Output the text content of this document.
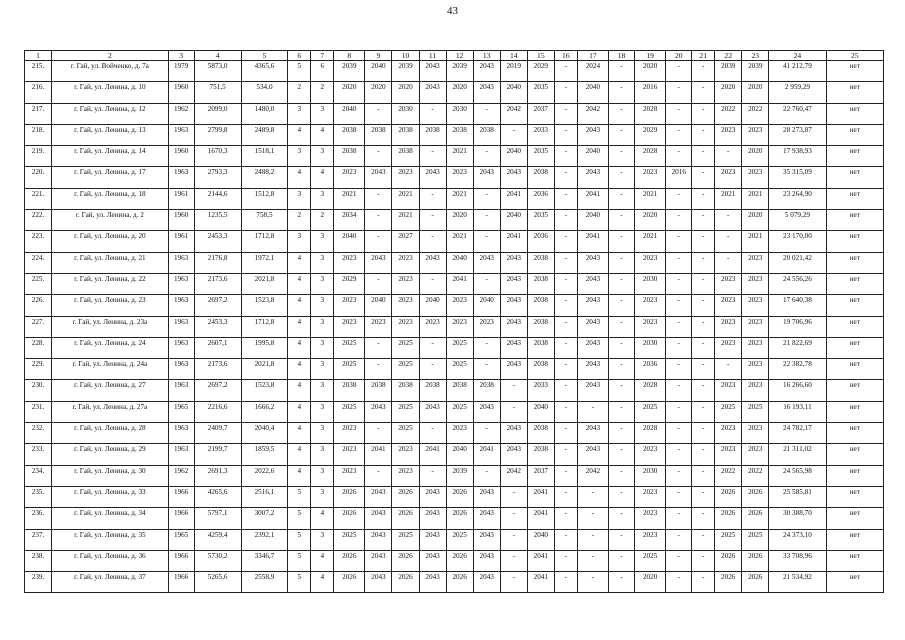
43
1	2	3	4	5	6	7	8	9	10	11	12	13	14	15	16	17	18	19	20	21	22	23	24	25
215.	г. Гай, ул. Войченко, д. 7а	1979	5873,0	4365,6	5	6	2039	2040	2039	2043	2039	2043	2019	2029	-	2024	-	2020	-	-	2039	2039	41 212,79	нет
216.	г. Гай, ул. Ленина, д. 10	1960	751,5	534,0	2	2	2020	2020	2020	2043	2020	2043	2040	2035	-	2040	-	2016	-	-	2020	2020	2 959,29	нет
217.	г. Гай, ул. Ленина, д. 12	1962	2099,0	1480,0	3	3	2040	-	2030	-	2030	-	2042	2037	-	2042	-	2028	-	-	2022	2022	22 760,47	нет
218.	г. Гай, ул. Ленина, д. 13	1963	2799,8	2489,8	4	4	2038	2038	2038	2038	2038	2038	-	2033	-	2043	-	2029	-	-	2023	2023	28 273,87	нет
219.	г. Гай, ул. Ленина, д. 14	1960	1670,3	1518,1	3	3	2038	-	2038	-	2021	-	2040	2035	-	2040	-	2028	-	-	-	2020	17 938,93	нет
220.	г. Гай, ул. Ленина, д. 17	1963	2793,3	2488,2	4	4	2023	2043	2023	2043	2023	2043	2043	2038	-	2043	-	2023	2016	-	2023	2023	35 315,09	нет
221.	г. Гай, ул. Ленина, д. 18	1961	2144,6	1512,8	3	3	2021	-	2021	-	2021	-	2041	2036	-	2041	-	2021	-	-	2021	2021	23 264,90	нет
222.	г. Гай, ул. Ленина, д. 2	1960	1235,5	758,5	2	2	2034	-	2021	-	2020	-	2040	2035	-	2040	-	2020	-	-	-	2020	5 079,29	нет
223.	г. Гай, ул. Ленина, д. 20	1961	2453,3	1712,8	3	3	2040	-	2027	-	2021	-	2041	2036	-	2041	-	2021	-	-	-	2021	23 170,00	нет
224.	г. Гай, ул. Ленина, д. 21	1963	2176,8	1972,1	4	3	2023	2043	2023	2043	2040	2043	2043	2038	-	2043	-	2023	-	-	-	2023	20 021,42	нет
225.	г. Гай, ул. Ленина, д. 22	1963	2173,6	2021,8	4	3	2029	-	2023	-	2041	-	2043	2038	-	2043	-	2030	-	-	2023	2023	24 556,26	нет
226.	г. Гай, ул. Ленина, д. 23	1963	2697,2	1523,8	4	3	2023	2040	2023	2040	2023	2040	2043	2038	-	2043	-	2023	-	-	2023	2023	17 640,38	нет
227.	г. Гай, ул. Ленина, д. 23а	1963	2453,3	1712,8	4	3	2023	2023	2023	2023	2023	2023	2043	2038	-	2043	-	2023	-	-	2023	2023	19 706,96	нет
228.	г. Гай, ул. Ленина, д. 24	1963	2607,1	1995,8	4	3	2025	-	2025	-	2025	-	2043	2038	-	2043	-	2030	-	-	2023	2023	21 822,69	нет
229.	г. Гай, ул. Ленина, д. 24а	1963	2173,6	2021,8	4	3	2025	-	2025	-	2025	-	2043	2038	-	2043	-	2036	-	-	-	2023	22 382,78	нет
230.	г. Гай, ул. Ленина, д. 27	1963	2697,2	1523,8	4	3	2038	2038	2038	2038	2038	2038	-	2033	-	2043	-	2028	-	-	2023	2023	16 266,60	нет
231.	г. Гай, ул. Ленина, д. 27а	1965	2216,6	1666,2	4	3	2025	2043	2025	2043	2025	2043	-	2040	-	-	-	2025	-	-	2025	2025	16 193,11	нет
232.	г. Гай, ул. Ленина, д. 28	1963	2409,7	2040,4	4	3	2023	-	2025	-	2023	-	2043	2038	-	2043	-	2028	-	-	2023	2023	24 782,17	нет
233.	г. Гай, ул. Ленина, д. 29	1963	2199,7	1859,5	4	3	2023	2041	2023	2041	2040	2041	2043	2038	-	2043	-	2023	-	-	2023	2023	21 311,02	нет
234.	г. Гай, ул. Ленина, д. 30	1962	2691,3	2022,6	4	3	2023	-	2023	-	2039	-	2042	2037	-	2042	-	2030	-	-	2022	2022	24 565,98	нет
235.	г. Гай, ул. Ленина, д. 33	1966	4265,6	2516,1	5	3	2026	2043	2026	2043	2026	2043	-	2041	-	-	-	2023	-	-	2026	2026	25 585,81	нет
236.	г. Гай, ул. Ленина, д. 34	1966	5797,1	3007,2	5	4	2026	2043	2026	2043	2026	2043	-	2041	-	-	-	2023	-	-	2026	2026	30 388,70	нет
237.	г. Гай, ул. Ленина, д. 35	1965	4259,4	2392,1	5	3	2025	2043	2025	2043	2025	2043	-	2040	-	-	-	2023	-	-	2025	2025	24 373,10	нет
238.	г. Гай, ул. Ленина, д. 36	1966	5730,2	3346,7	5	4	2026	2043	2026	2043	2026	2043	-	2041	-	-	-	2025	-	-	2026	2026	33 708,96	нет
239.	г. Гай, ул. Ленина, д. 37	1966	5265,6	2558,9	5	4	2026	2043	2026	2043	2026	2043	-	2041	-	-	-	2020	-	-	2026	2026	21 534,92	нет
